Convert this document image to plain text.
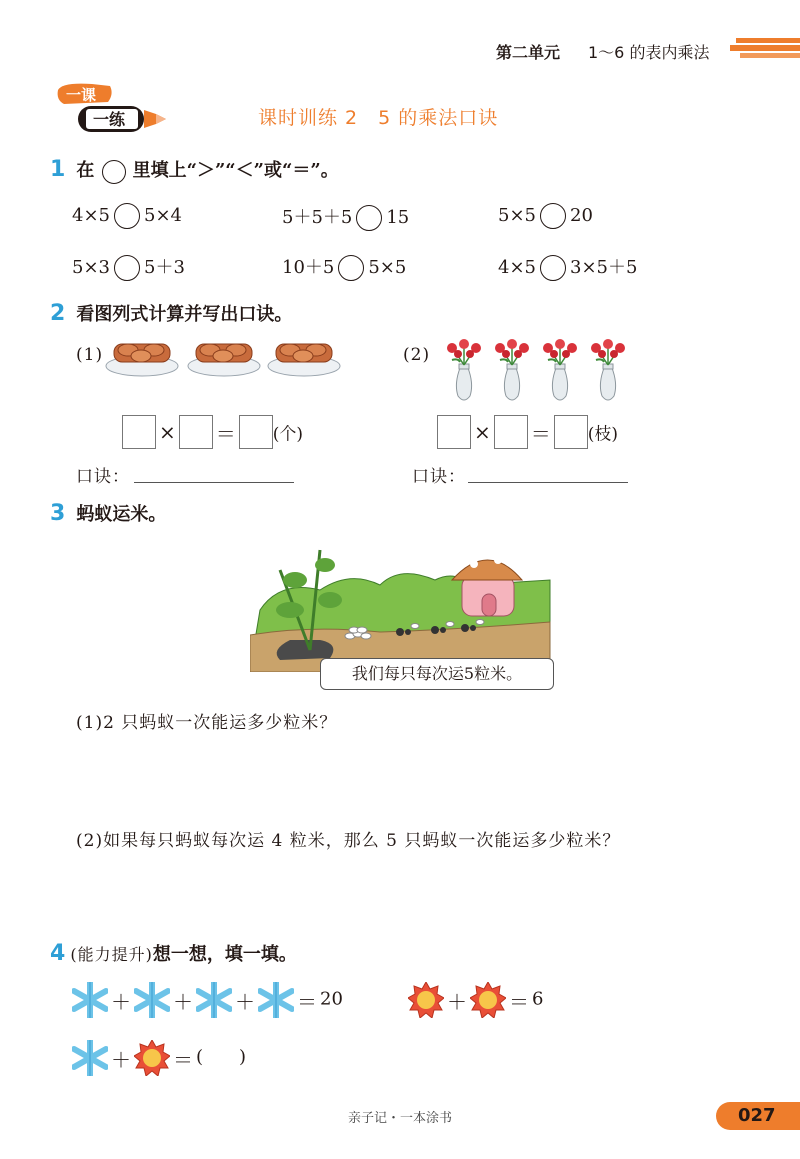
第二单元 1～6 的表内乘法
一课
一练	课时训练 2　5 的乘法口诀
1 在 里填上“＞”“＜”或“＝”。
4×5 5×4	5＋5＋5 15	5×5 20
5×3 5＋3	10＋5 5×5	4×5 3×5＋5
2 看图列式计算并写出口诀。
(1)	(2)
× ＝ (个)	× ＝ (枝)
口诀：	口诀：
3 蚂蚁运米。
我们每只每次运5粒米。
(1)2 只蚂蚁一次能运多少粒米？
(2)如果每只蚂蚁每次运 4 粒米，那么 5 只蚂蚁一次能运多少粒米？
4 (能力提升)想一想，填一填。
＋ ＋ ＋ ＝ 20	＋ ＝ 6
＋ ＝ (　　)
亲子记・一本涂书	027
